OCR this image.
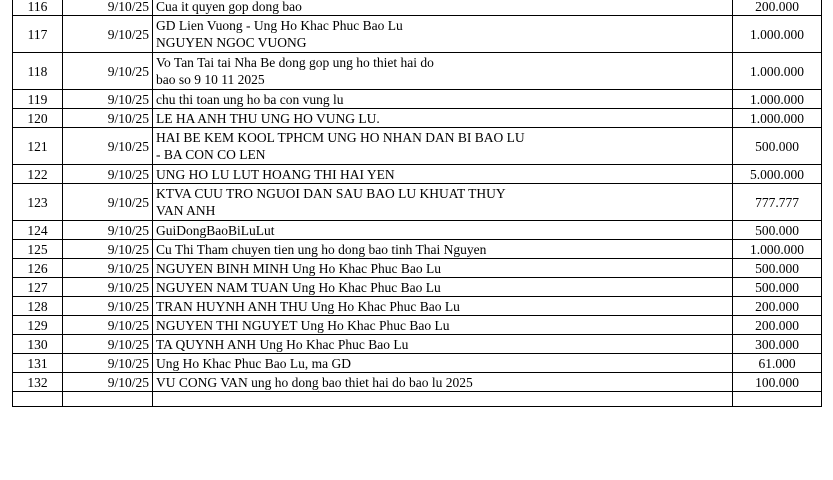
116	9/10/25	Cua it quyen gop dong bao	200.000
117	9/10/25	GD Lien Vuong - Ung Ho Khac Phuc Bao Lu
NGUYEN NGOC VUONG	1.000.000
118	9/10/25	Vo Tan Tai tai Nha Be dong gop ung ho thiet hai do
bao so 9 10 11 2025	1.000.000
119	9/10/25	chu thi toan ung ho ba con vung lu	1.000.000
120	9/10/25	LE HA ANH THU UNG HO VUNG LU.	1.000.000
121	9/10/25	HAI BE KEM KOOL TPHCM UNG HO NHAN DAN BI BAO LU
- BA CON CO LEN	500.000
122	9/10/25	UNG HO LU LUT HOANG THI HAI YEN	5.000.000
123	9/10/25	KTVA CUU TRO NGUOI DAN SAU BAO LU KHUAT THUY
VAN ANH	777.777
124	9/10/25	GuiDongBaoBiLuLut	500.000
125	9/10/25	Cu Thi Tham chuyen tien ung ho dong bao tinh Thai Nguyen	1.000.000
126	9/10/25	NGUYEN BINH MINH Ung Ho Khac Phuc Bao Lu	500.000
127	9/10/25	NGUYEN NAM TUAN Ung Ho Khac Phuc Bao Lu	500.000
128	9/10/25	TRAN HUYNH ANH THU Ung Ho Khac Phuc Bao Lu	200.000
129	9/10/25	NGUYEN THI NGUYET Ung Ho Khac Phuc Bao Lu	200.000
130	9/10/25	TA QUYNH ANH Ung Ho Khac Phuc Bao Lu	300.000
131	9/10/25	Ung Ho Khac Phuc Bao Lu, ma GD	61.000
132	9/10/25	VU CONG VAN ung ho dong bao thiet hai do bao lu 2025	100.000
